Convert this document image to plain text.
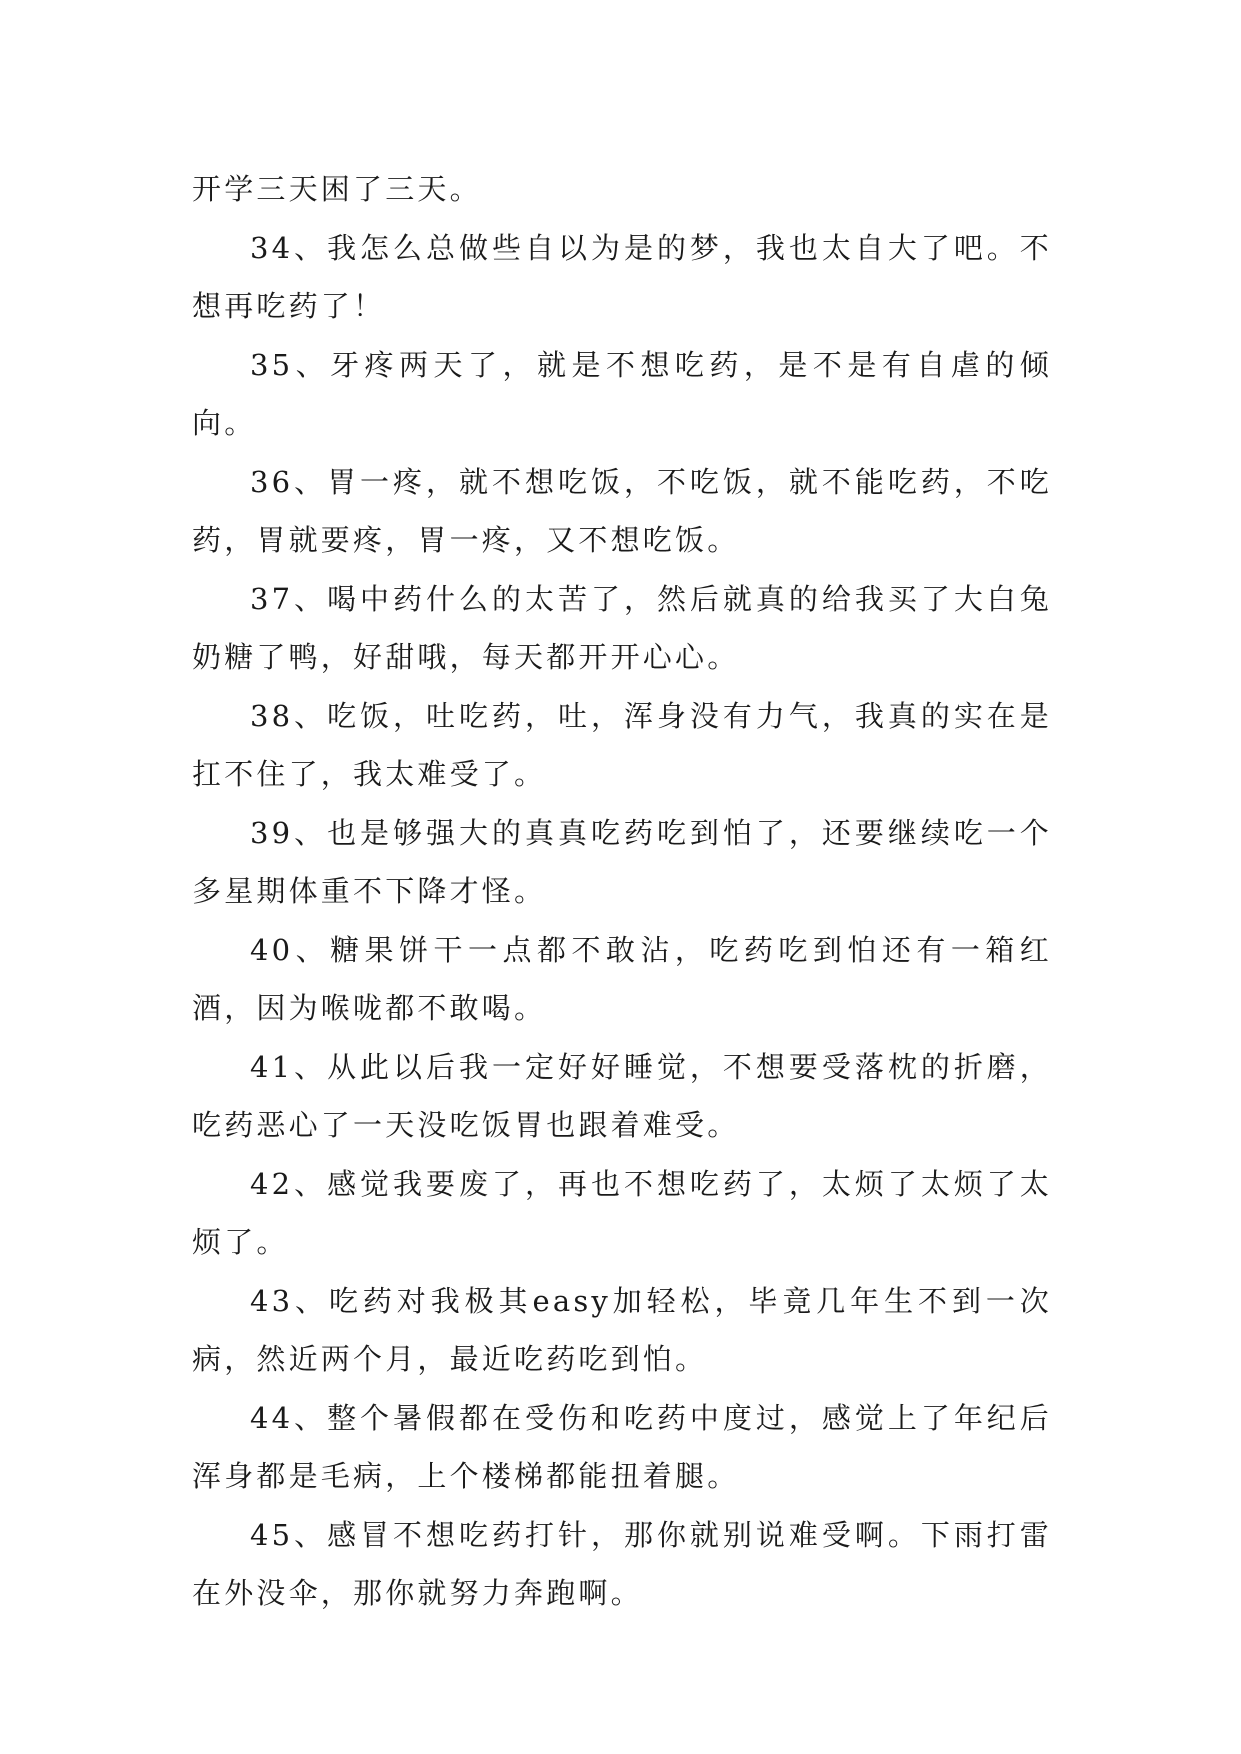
开学三天困了三天。

34、我怎么总做些自以为是的梦，我也太自大了吧。不想再吃药了！

35、牙疼两天了，就是不想吃药，是不是有自虐的倾向。

36、胃一疼，就不想吃饭，不吃饭，就不能吃药，不吃药，胃就要疼，胃一疼，又不想吃饭。

37、喝中药什么的太苦了，然后就真的给我买了大白兔奶糖了鸭，好甜哦，每天都开开心心。

38、吃饭，吐吃药，吐，浑身没有力气，我真的实在是扛不住了，我太难受了。

39、也是够强大的真真吃药吃到怕了，还要继续吃一个多星期体重不下降才怪。

40、糖果饼干一点都不敢沾，吃药吃到怕还有一箱红酒，因为喉咙都不敢喝。

41、从此以后我一定好好睡觉，不想要受落枕的折磨，吃药恶心了一天没吃饭胃也跟着难受。

42、感觉我要废了，再也不想吃药了，太烦了太烦了太烦了。

43、吃药对我极其easy加轻松，毕竟几年生不到一次病，然近两个月，最近吃药吃到怕。

44、整个暑假都在受伤和吃药中度过，感觉上了年纪后浑身都是毛病，上个楼梯都能扭着腿。

45、感冒不想吃药打针，那你就别说难受啊。下雨打雷在外没伞，那你就努力奔跑啊。
